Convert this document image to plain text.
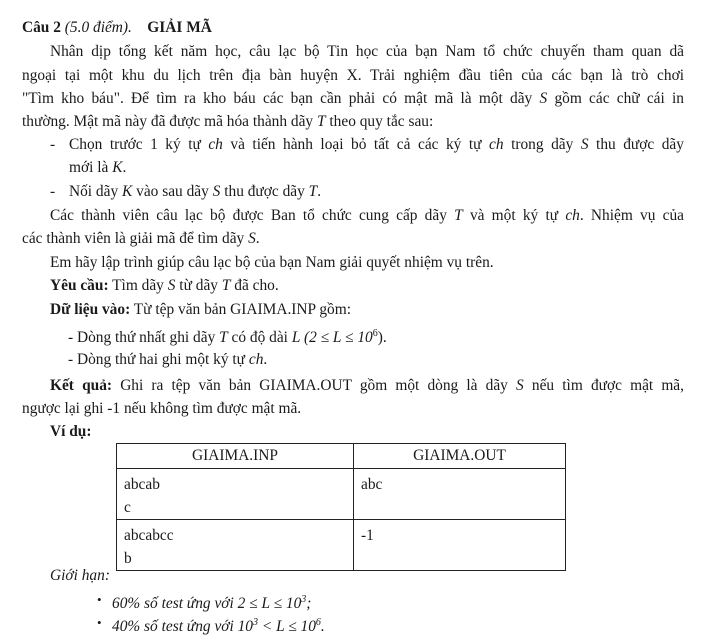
Câu 2 (5.0 điểm). GIẢI MÃ
Nhân dịp tổng kết năm học, câu lạc bộ Tin học của bạn Nam tổ chức chuyến tham quan dã
ngoại tại một khu du lịch trên địa bàn huyện X. Trải nghiệm đầu tiên của các bạn là trò chơi
"Tìm kho báu". Để tìm ra kho báu các bạn cần phải có mật mã là một dãy S gồm các chữ cái in
thường. Mật mã này đã được mã hóa thành dãy T theo quy tắc sau:
- Chọn trước 1 ký tự ch và tiến hành loại bỏ tất cả các ký tự ch trong dãy S thu được dãy
mới là K.
- Nối dãy K vào sau dãy S thu được dãy T.
Các thành viên câu lạc bộ được Ban tổ chức cung cấp dãy T và một ký tự ch. Nhiệm vụ của
các thành viên là giải mã để tìm dãy S.
Em hãy lập trình giúp câu lạc bộ của bạn Nam giải quyết nhiệm vụ trên.
Yêu cầu: Tìm dãy S từ dãy T đã cho.
Dữ liệu vào: Từ tệp văn bản GIAIMA.INP gồm:
- Dòng thứ nhất ghi dãy T có độ dài L $(2 \le L \le 10^6)$.
- Dòng thứ hai ghi một ký tự ch.
Kết quả: Ghi ra tệp văn bản GIAIMA.OUT gồm một dòng là dãy S nếu tìm được mật mã,
ngược lại ghi -1 nếu không tìm được mật mã.
Ví dụ:
Giới hạn:
• 60% số test ứng với $2 \le L \le 10^3$;
• 40% số test ứng với $10^3 < L \le 10^6$.
GIAIMA.INP	GIAIMA.OUT

abcab
c	abc

abcabcc
b	-1
